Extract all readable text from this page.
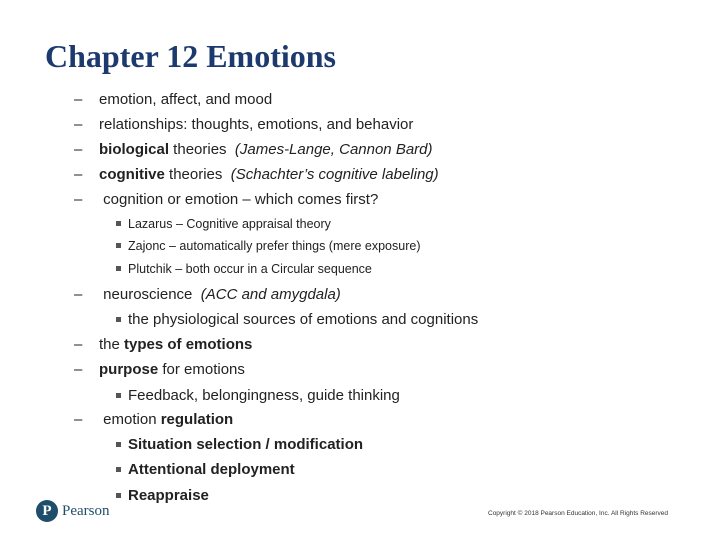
Chapter 12 Emotions
– emotion, affect, and mood
– relationships: thoughts, emotions, and behavior
– biological theories  (James-Lange, Cannon Bard)
– cognitive theories  (Schachter’s cognitive labeling)
– cognition or emotion – which comes first?
Lazarus – Cognitive appraisal theory
Zajonc – automatically prefer things (mere exposure)
Plutchik – both occur in a Circular sequence
– neuroscience  (ACC and amygdala)
the physiological sources of emotions and cognitions
– the types of emotions
– purpose for emotions
Feedback, belongingness, guide thinking
– emotion regulation
Situation selection / modification
Attentional deployment
Reappraise
P Pearson	Copyright © 2018 Pearson Education, Inc. All Rights Reserved
